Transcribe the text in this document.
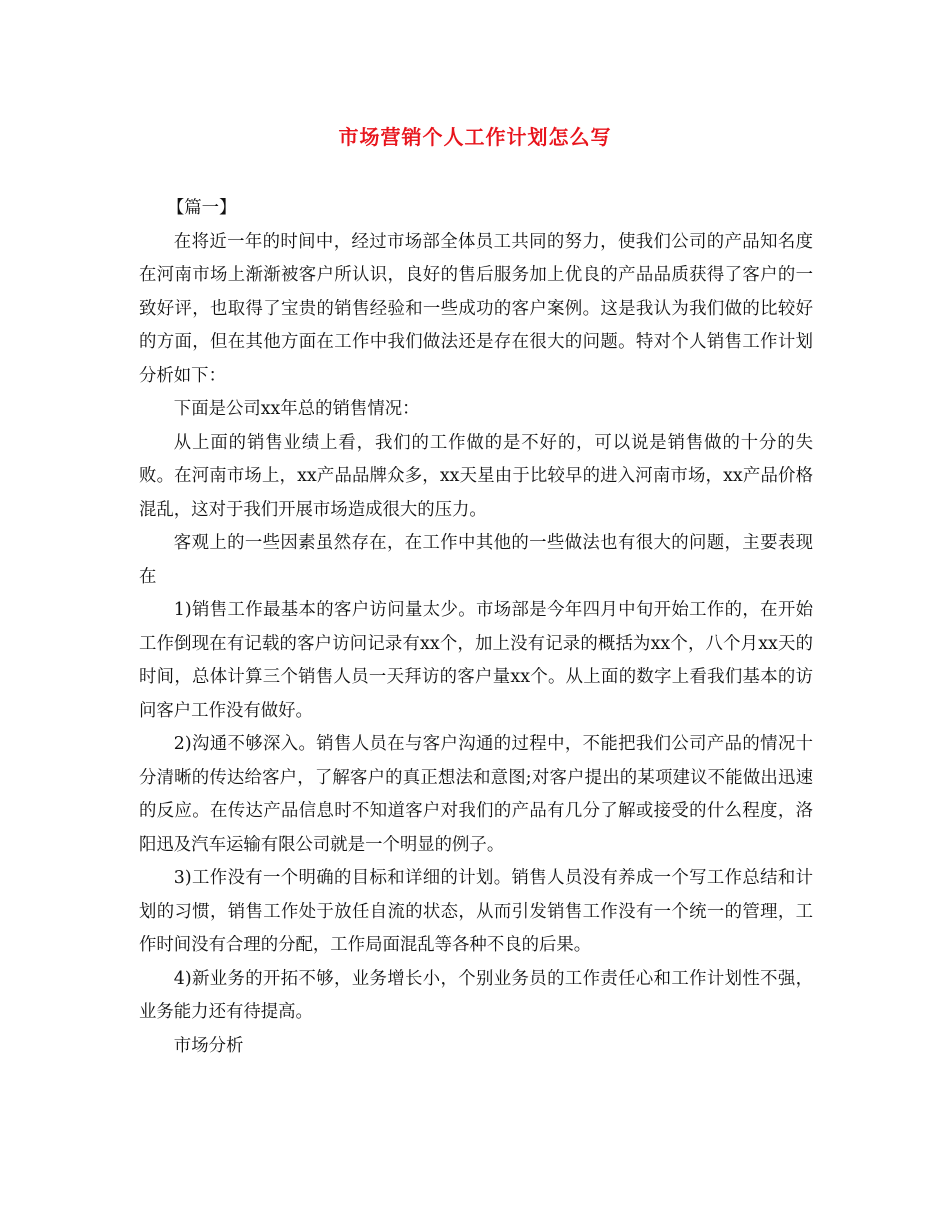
市场营销个人工作计划怎么写

【篇一】

在将近一年的时间中，经过市场部全体员工共同的努力，使我们公司的产品知名度在河南市场上渐渐被客户所认识，良好的售后服务加上优良的产品品质获得了客户的一致好评，也取得了宝贵的销售经验和一些成功的客户案例。这是我认为我们做的比较好的方面，但在其他方面在工作中我们做法还是存在很大的问题。特对个人销售工作计划分析如下：

下面是公司xx年总的销售情况：

从上面的销售业绩上看，我们的工作做的是不好的，可以说是销售做的十分的失败。在河南市场上，xx产品品牌众多，xx天星由于比较早的进入河南市场，xx产品价格混乱，这对于我们开展市场造成很大的压力。

客观上的一些因素虽然存在，在工作中其他的一些做法也有很大的问题，主要表现在

1)销售工作最基本的客户访问量太少。市场部是今年四月中旬开始工作的，在开始工作倒现在有记载的客户访问记录有xx个，加上没有记录的概括为xx个，八个月xx天的时间，总体计算三个销售人员一天拜访的客户量xx个。从上面的数字上看我们基本的访问客户工作没有做好。

2)沟通不够深入。销售人员在与客户沟通的过程中，不能把我们公司产品的情况十分清晰的传达给客户，了解客户的真正想法和意图;对客户提出的某项建议不能做出迅速的反应。在传达产品信息时不知道客户对我们的产品有几分了解或接受的什么程度，洛阳迅及汽车运输有限公司就是一个明显的例子。

3)工作没有一个明确的目标和详细的计划。销售人员没有养成一个写工作总结和计划的习惯，销售工作处于放任自流的状态，从而引发销售工作没有一个统一的管理，工作时间没有合理的分配，工作局面混乱等各种不良的后果。

4)新业务的开拓不够，业务增长小，个别业务员的工作责任心和工作计划性不强，业务能力还有待提高。

市场分析
